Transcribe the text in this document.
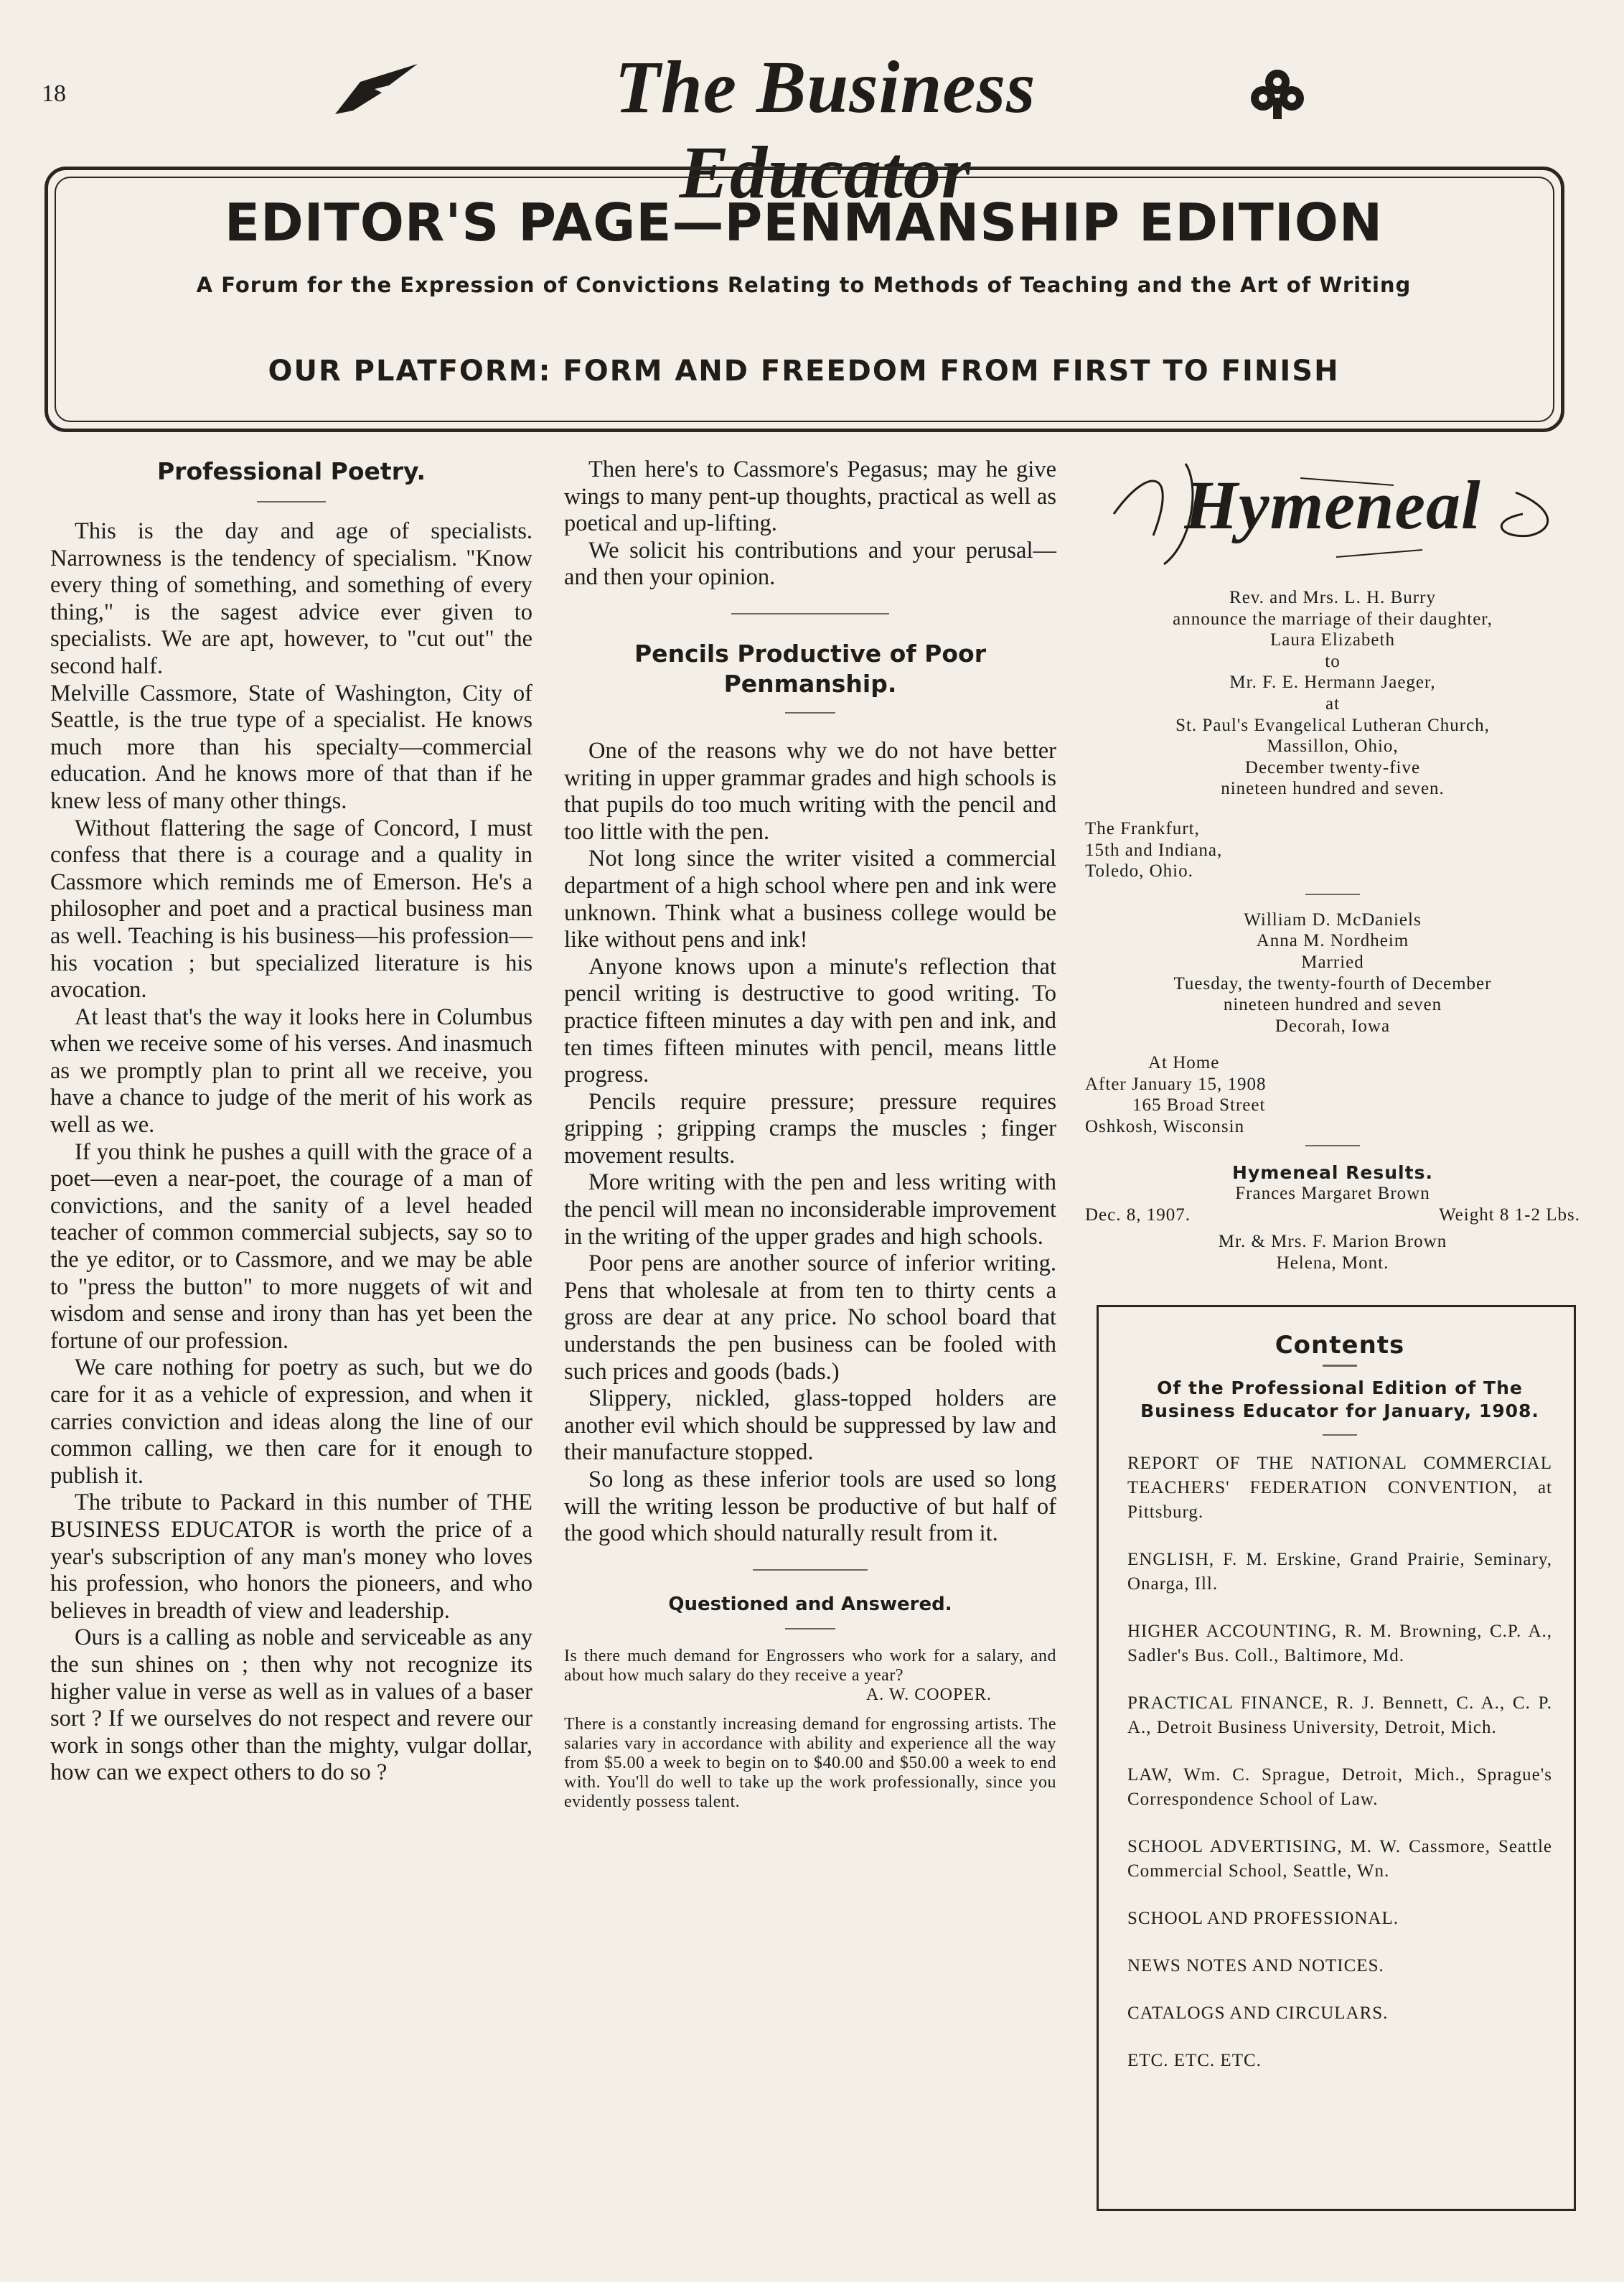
18	The Business Educator
EDITOR'S PAGE—PENMANSHIP EDITION
A Forum for the Expression of Convictions Relating to Methods of Teaching and the Art of Writing
OUR PLATFORM: FORM AND FREEDOM FROM FIRST TO FINISH
Professional Poetry.

This is the day and age of specialists. Narrowness is the tendency of specialism. "Know every thing of something, and something of every thing," is the sagest advice ever given to specialists. We are apt, however, to "cut out" the second half.

Melville Cassmore, State of Washington, City of Seattle, is the true type of a specialist. He knows much more than his specialty—commercial education. And he knows more of that than if he knew less of many other things.

Without flattering the sage of Concord, I must confess that there is a courage and a quality in Cassmore which reminds me of Emerson. He's a philosopher and poet and a practical business man as well. Teaching is his business—his profession—his vocation ; but specialized literature is his avocation.

At least that's the way it looks here in Columbus when we receive some of his verses. And inasmuch as we promptly plan to print all we receive, you have a chance to judge of the merit of his work as well as we.

If you think he pushes a quill with the grace of a poet—even a near-poet, the courage of a man of convictions, and the sanity of a level headed teacher of common commercial subjects, say so to the ye editor, or to Cassmore, and we may be able to "press the button" to more nuggets of wit and wisdom and sense and irony than has yet been the fortune of our profession.

We care nothing for poetry as such, but we do care for it as a vehicle of expression, and when it carries conviction and ideas along the line of our common calling, we then care for it enough to publish it.

The tribute to Packard in this number of THE BUSINESS EDUCATOR is worth the price of a year's subscription of any man's money who loves his profession, who honors the pioneers, and who believes in breadth of view and leadership.

Ours is a calling as noble and serviceable as any the sun shines on ; then why not recognize its higher value in verse as well as in values of a baser sort ? If we ourselves do not respect and revere our work in songs other than the mighty, vulgar dollar, how can we expect others to do so ?

Then here's to Cassmore's Pegasus; may he give wings to many pent-up thoughts, practical as well as poetical and up-lifting.

We solicit his contributions and your perusal—and then your opinion.

Pencils Productive of Poor Penmanship.

One of the reasons why we do not have better writing in upper grammar grades and high schools is that pupils do too much writing with the pencil and too little with the pen.

Not long since the writer visited a commercial department of a high school where pen and ink were unknown. Think what a business college would be like without pens and ink!

Anyone knows upon a minute's reflection that pencil writing is destructive to good writing. To practice fifteen minutes a day with pen and ink, and ten times fifteen minutes with pencil, means little progress.

Pencils require pressure; pressure requires gripping ; gripping cramps the muscles ; finger movement results.

More writing with the pen and less writing with the pencil will mean no inconsiderable improvement in the writing of the upper grades and high schools.

Poor pens are another source of inferior writing. Pens that wholesale at from ten to thirty cents a gross are dear at any price. No school board that understands the pen business can be fooled with such prices and goods (bads.)

Slippery, nickled, glass-topped holders are another evil which should be suppressed by law and their manufacture stopped.

So long as these inferior tools are used so long will the writing lesson be productive of but half of the good which should naturally result from it.

Questioned and Answered.

Is there much demand for Engrossers who work for a salary, and about how much salary do they receive a year?

A. W. COOPER.

There is a constantly increasing demand for engrossing artists. The salaries vary in accordance with ability and experience all the way from $5.00 a week to begin on to $40.00 and $50.00 a week to end with. You'll do well to take up the work professionally, since you evidently possess talent.

Hymeneal
Rev. and Mrs. L. H. Burry
announce the marriage of their daughter,
Laura Elizabeth
to
Mr. F. E. Hermann Jaeger,
at
St. Paul's Evangelical Lutheran Church,
Massillon, Ohio,
December twenty-five
nineteen hundred and seven.
The Frankfurt,
15th and Indiana,
Toledo, Ohio.
William D. McDaniels
Anna M. Nordheim
Married
Tuesday, the twenty-fourth of December
nineteen hundred and seven
Decorah, Iowa
At Home
After January 15, 1908
165 Broad Street
Oshkosh, Wisconsin
Hymeneal Results.
Frances Margaret Brown
Dec. 8, 1907.	Weight 8 1-2 Lbs.
Mr. & Mrs. F. Marion Brown
Helena, Mont.
Contents
Of the Professional Edition of The Business Educator for January, 1908.

REPORT OF THE NATIONAL COMMERCIAL TEACHERS' FEDERATION CONVENTION, at Pittsburg.

ENGLISH, F. M. Erskine, Grand Prairie, Seminary, Onarga, Ill.

HIGHER ACCOUNTING, R. M. Browning, C.P. A., Sadler's Bus. Coll., Baltimore, Md.

PRACTICAL FINANCE, R. J. Bennett, C. A., C. P. A., Detroit Business University, Detroit, Mich.

LAW, Wm. C. Sprague, Detroit, Mich., Sprague's Correspondence School of Law.

SCHOOL ADVERTISING, M. W. Cassmore, Seattle Commercial School, Seattle, Wn.

SCHOOL AND PROFESSIONAL.

NEWS NOTES AND NOTICES.

CATALOGS AND CIRCULARS.

ETC. ETC. ETC.
